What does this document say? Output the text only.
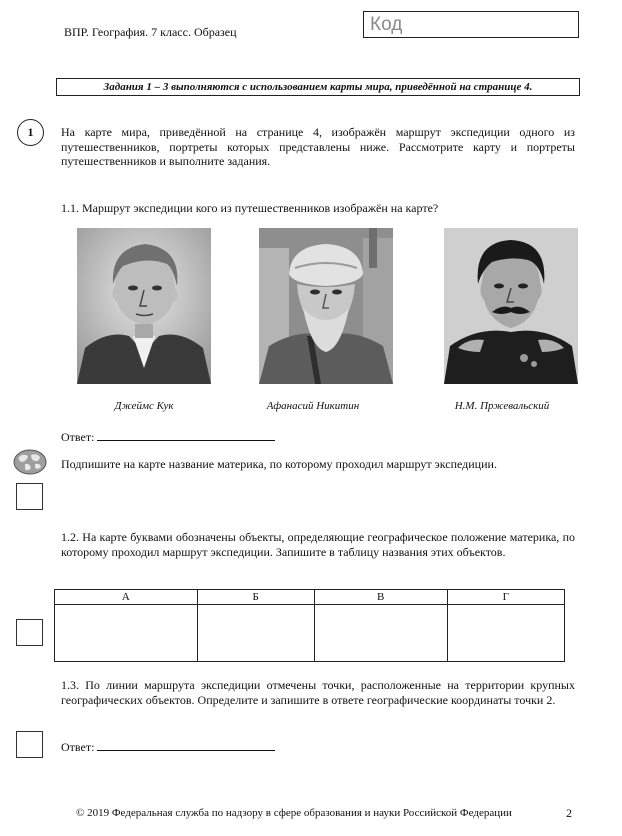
ВПР. География. 7 класс. Образец	Код
Задания 1 – 3 выполняются с использованием карты мира, приведённой на странице 4.
1	На карте мира, приведённой на странице 4, изображён маршрут экспедиции одного из путешественников, портреты которых представлены ниже. Рассмотрите карту и портреты путешественников и выполните задания.
1.1. Маршрут экспедиции кого из путешественников изображён на карте?
Джеймс Кук	Афанасий Никитин	Н.М. Пржевальский
Ответ:
Подпишите на карте название материка, по которому проходил маршрут экспедиции.
1.2. На карте буквами обозначены объекты, определяющие географическое положение материка, по которому проходил маршрут экспедиции. Запишите в таблицу названия этих объектов.
А	Б	В	Г

1.3. По линии маршрута экспедиции отмечены точки, расположенные на территории крупных географических объектов. Определите и запишите в ответе географические координаты точки 2.
Ответ:
© 2019 Федеральная служба по надзору в сфере образования и науки Российской Федерации	2
